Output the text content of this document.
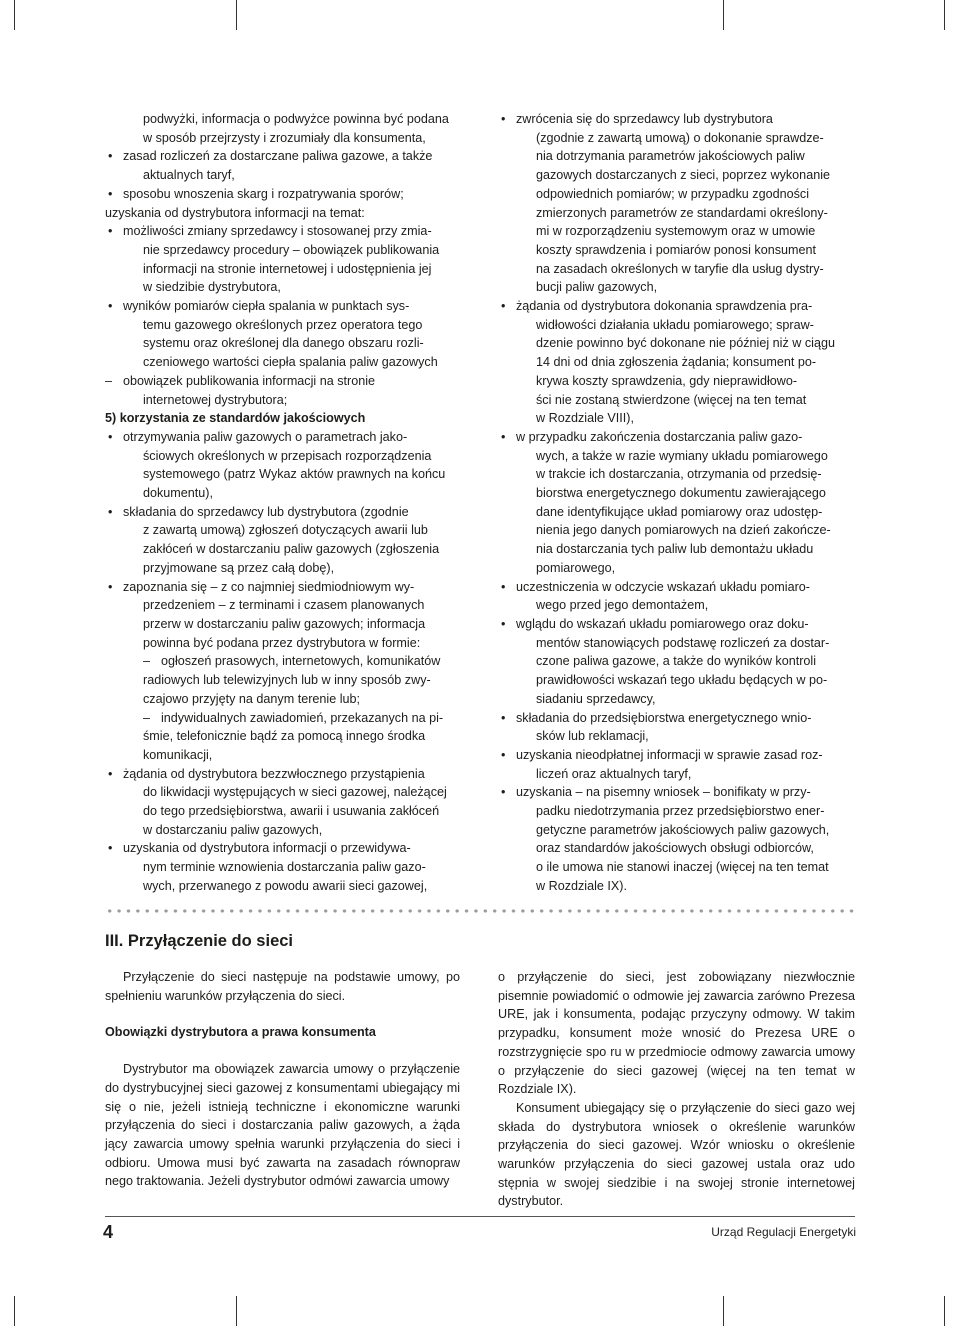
podwyżki, informacja o podwyżce powinna być podana

w sposób przejrzysty i zrozumiały dla konsumenta,

• zasad rozliczeń za dostarczane paliwa gazowe, a także

aktualnych taryf,

• sposobu wnoszenia skarg i rozpatrywania sporów;

uzyskania od dystrybutora informacji na temat:

• możliwości zmiany sprzedawcy i stosowanej przy zmia-

nie sprzedawcy procedury – obowiązek publikowania

informacji na stronie internetowej i udostępnienia jej

w siedzibie dystrybutora,

• wyników pomiarów ciepła spalania w punktach sys-

temu gazowego określonych przez operatora tego

systemu oraz określonej dla danego obszaru rozli-

czeniowego wartości ciepła spalania paliw gazowych

– obowiązek publikowania informacji na stronie

internetowej dystrybutora;

5) korzystania ze standardów jakościowych

• otrzymywania paliw gazowych o parametrach jako-

ściowych określonych w przepisach rozporządzenia

systemowego (patrz Wykaz aktów prawnych na końcu

dokumentu),

• składania do sprzedawcy lub dystrybutora (zgodnie

z zawartą umową) zgłoszeń dotyczących awarii lub

zakłóceń w dostarczaniu paliw gazowych (zgłoszenia

przyjmowane są przez całą dobę),

• zapoznania się – z co najmniej siedmiodniowym wy-

przedzeniem – z terminami i czasem planowanych

przerw w dostarczaniu paliw gazowych; informacja

powinna być podana przez dystrybutora w formie:

– ogłoszeń prasowych, internetowych, komunikatów

radiowych lub telewizyjnych lub w inny sposób zwy-

czajowo przyjęty na danym terenie lub;

– indywidualnych zawiadomień, przekazanych na pi-

śmie, telefonicznie bądź za pomocą innego środka

komunikacji,

• żądania od dystrybutora bezzwłocznego przystąpienia

do likwidacji występujących w sieci gazowej, należącej

do tego przedsiębiorstwa, awarii i usuwania zakłóceń

w dostarczaniu paliw gazowych,

• uzyskania od dystrybutora informacji o przewidywa-

nym terminie wznowienia dostarczania paliw gazo-

wych, przerwanego z powodu awarii sieci gazowej,

• zwrócenia się do sprzedawcy lub dystrybutora

(zgodnie z zawartą umową) o dokonanie sprawdze-

nia dotrzymania parametrów jakościowych paliw

gazowych dostarczanych z sieci, poprzez wykonanie

odpowiednich pomiarów; w przypadku zgodności

zmierzonych parametrów ze standardami określony-

mi w rozporządzeniu systemowym oraz w umowie

koszty sprawdzenia i pomiarów ponosi konsument

na zasadach określonych w taryfie dla usług dystry-

bucji paliw gazowych,

• żądania od dystrybutora dokonania sprawdzenia pra-

widłowości działania układu pomiarowego; spraw-

dzenie powinno być dokonane nie później niż w ciągu

14 dni od dnia zgłoszenia żądania; konsument po-

krywa koszty sprawdzenia, gdy nieprawidłowo-

ści nie zostaną stwierdzone (więcej na ten temat

w Rozdziale VIII),

• w przypadku zakończenia dostarczania paliw gazo-

wych, a także w razie wymiany układu pomiarowego

w trakcie ich dostarczania, otrzymania od przedsię-

biorstwa energetycznego dokumentu zawierającego

dane identyfikujące układ pomiarowy oraz udostęp-

nienia jego danych pomiarowych na dzień zakończe-

nia dostarczania tych paliw lub demontażu układu

pomiarowego,

• uczestniczenia w odczycie wskazań układu pomiaro-

wego przed jego demontażem,

• wglądu do wskazań układu pomiarowego oraz doku-

mentów stanowiących podstawę rozliczeń za dostar-

czone paliwa gazowe, a także do wyników kontroli

prawidłowości wskazań tego układu będących w po-

siadaniu sprzedawcy,

• składania do przedsiębiorstwa energetycznego wnio-

sków lub reklamacji,

• uzyskania nieodpłatnej informacji w sprawie zasad roz-

liczeń oraz aktualnych taryf,

• uzyskania – na pisemny wniosek – bonifikaty w przy-

padku niedotrzymania przez przedsiębiorstwo ener-

getyczne parametrów jakościowych paliw gazowych,

oraz standardów jakościowych obsługi odbiorców,

o ile umowa nie stanowi inaczej (więcej na ten temat

w Rozdziale IX).

III. Przyłączenie do sieci

Przyłączenie do sieci następuje na podstawie umowy, po spełnieniu warunków przyłączenia do sieci.

Obowiązki dystrybutora a prawa konsumenta

Dystrybutor ma obowiązek zawarcia umowy o przyłączenie do dystrybucyjnej sieci gazowej z konsumentami ubiegający mi się o nie, jeżeli istnieją techniczne i ekonomiczne warunki przyłączenia do sieci i dostarczania paliw gazowych, a żąda jący zawarcia umowy spełnia warunki przyłączenia do sieci i odbioru. Umowa musi być zawarta na zasadach równopraw nego traktowania. Jeżeli dystrybutor odmówi zawarcia umowy

o przyłączenie do sieci, jest zobowiązany niezwłocznie pisemnie powiadomić o odmowie jej zawarcia zarówno Prezesa URE, jak i konsumenta, podając przyczyny odmowy. W takim przypadku, konsument może wnosić do Prezesa URE o rozstrzygnięcie spo ru w przedmiocie odmowy zawarcia umowy o przyłączenie do sieci gazowej (więcej na ten temat w Rozdziale IX).

Konsument ubiegający się o przyłączenie do sieci gazo wej składa do dystrybutora wniosek o określenie warunków przyłączenia do sieci gazowej. Wzór wniosku o określenie warunków przyłączenia do sieci gazowej ustala oraz udo stępnia w swojej siedzibie i na swojej stronie internetowej dystrybutor.

4	Urząd Regulacji Energetyki
